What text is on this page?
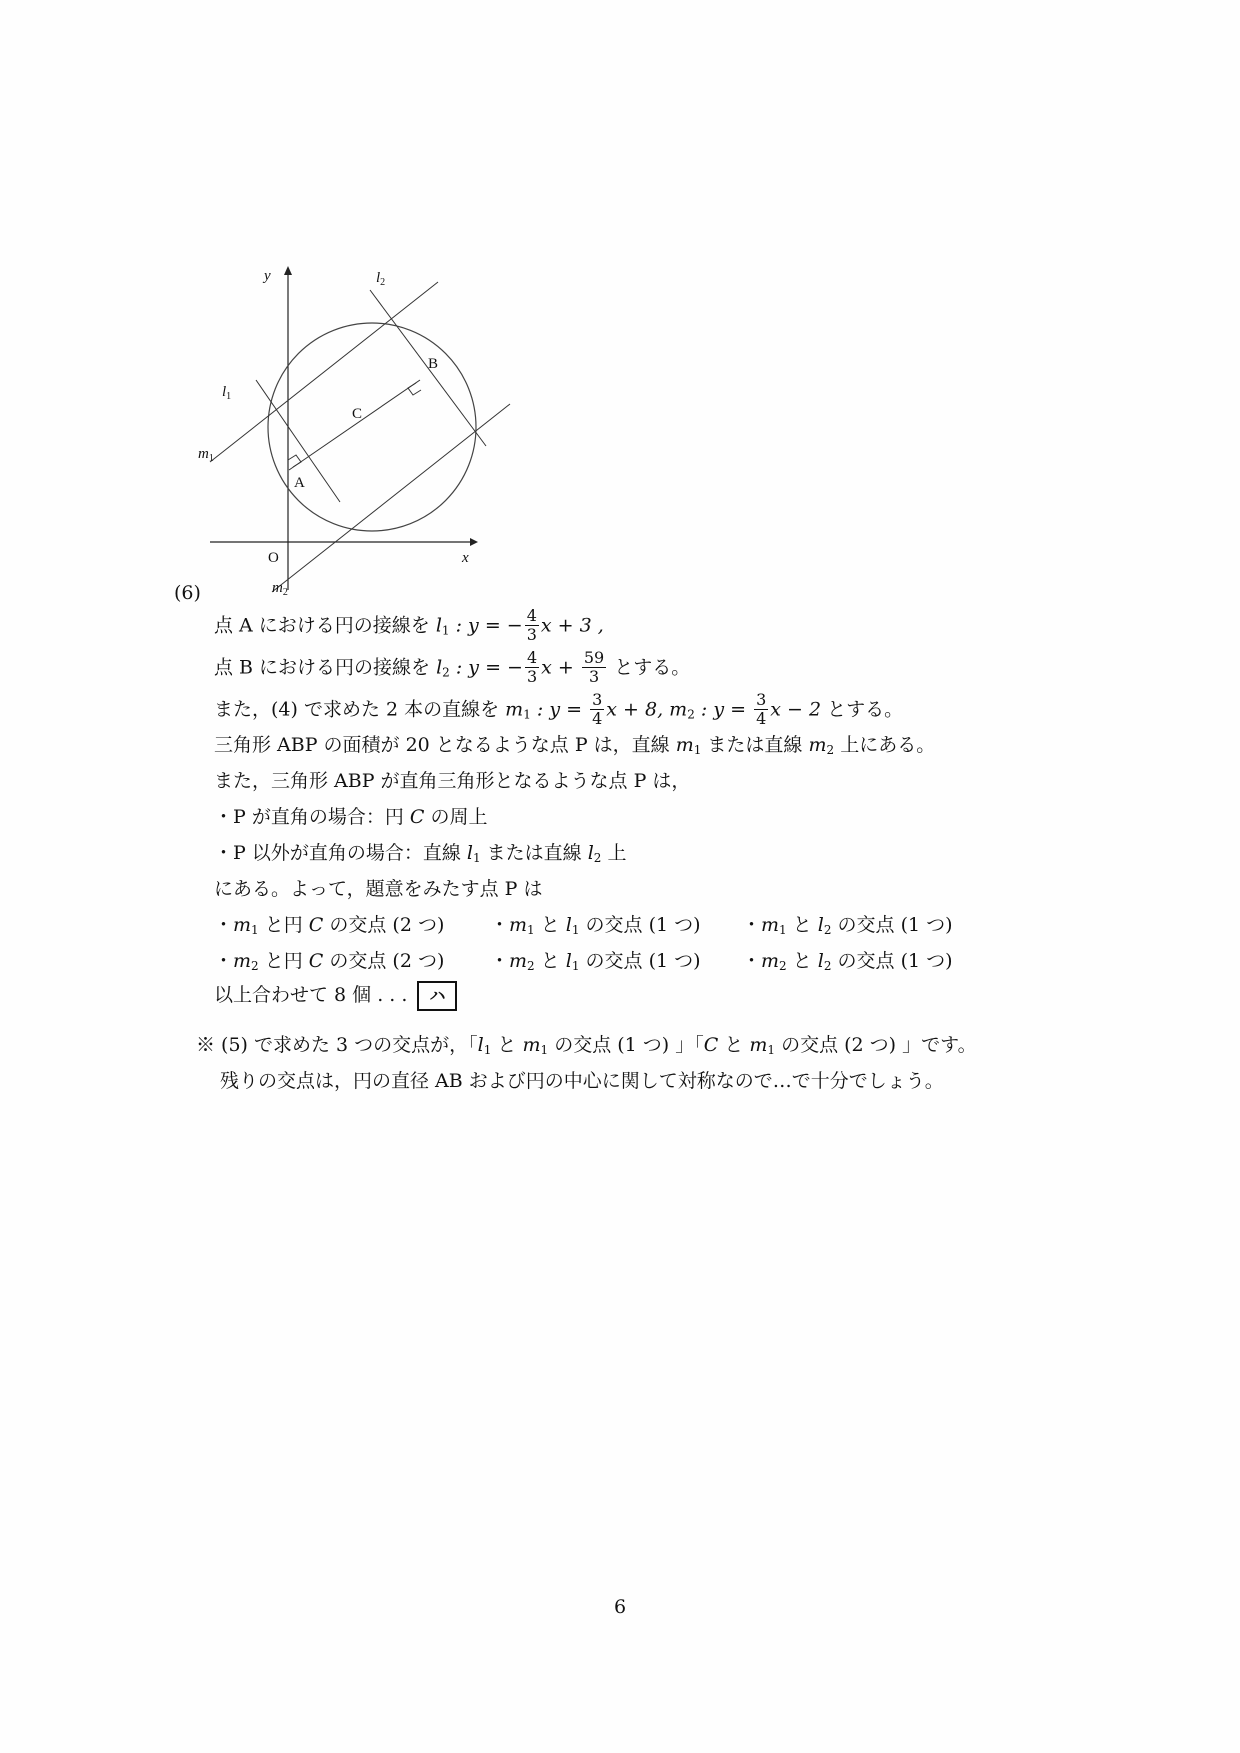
y
x
O
C
A
B
$l_2$
$l_1$
$m_1$
$m_2$
(6)
点 A における円の接線を $l_1$ : y = − $\frac{4}{3}$ x + 3 ,
点 B における円の接線を $l_2$ : y = − $\frac{4}{3}$ $x + \frac{59}{3}$ とする。
また，(4) で求めた 2 本の直線を $m_1$ : $y = \frac{3}{4}$ x + 8, $m_2$ : $y = \frac{3}{4}$ x − 2 とする。
三角形 ABP の面積が 20 となるような点 P は，直線 $m_1$ または直線 $m_2$ 上にある。
また，三角形 ABP が直角三角形となるような点 P は，
・P が直角の場合：円 C の周上
・P 以外が直角の場合：直線 $l_1$ または直線 $l_2$ 上
にある。よって，題意をみたす点 P は
・$m_1$ と円 C の交点 (2 つ) ・$m_1$ と $l_1$ の交点 (1 つ) ・$m_1$ と $l_2$ の交点 (1 つ)
・$m_2$ と円 C の交点 (2 つ) ・$m_2$ と $l_1$ の交点 (1 つ) ・$m_2$ と $l_2$ の交点 (1 つ)
以上合わせて 8 個 . . . ハ
※ (5) で求めた 3 つの交点が，「$l_1$ と $m_1$ の交点 (1 つ) 」「C と $m_1$ の交点 (2 つ) 」です。
残りの交点は，円の直径 AB および円の中心に関して対称なので…で十分でしょう。
6
